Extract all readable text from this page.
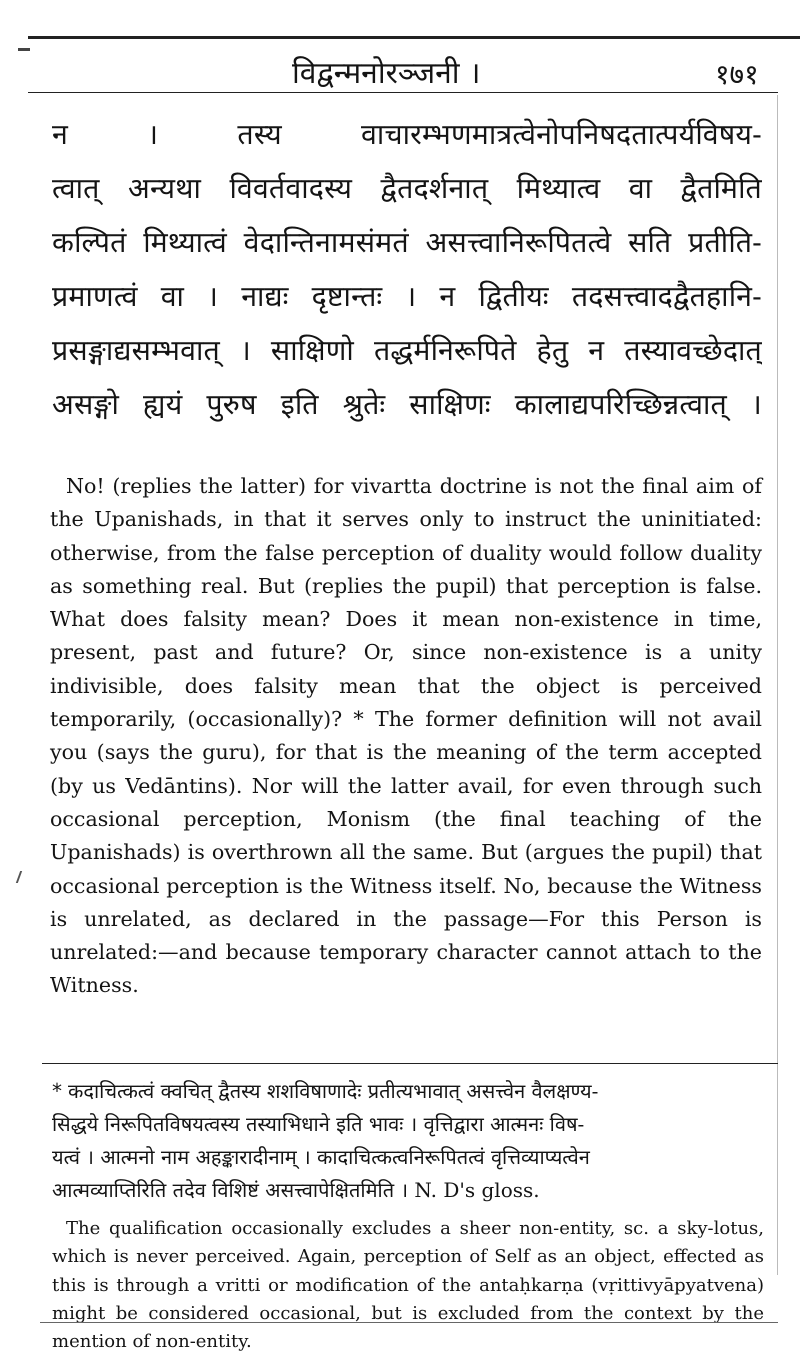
विद्वन्मनोरञ्जनी ।	१७१
न । तस्य वाचारम्भणमात्रत्वेनोपनिषदतात्पर्यविषय-
त्वात् अन्यथा विवर्तवादस्य द्वैतदर्शनात्‌ मिथ्यात्व वा द्वैतमिति
कल्पितं मिथ्यात्वं वेदान्तिनामसंमतं असत्त्वानिरूपितत्वे सति प्रतीति-
प्रमाणत्वं वा । नाद्यः दृष्टान्तः । न द्वितीयः तदसत्त्वादद्वैतहानि-
प्रसङ्गाद्यसम्भवात् । साक्षिणो तद्धर्मनिरूपिते हेतु न तस्यावच्छेदात्
असङ्गो ह्ययं पुरुष इति श्रुतेः साक्षिणः कालाद्यपरिच्छिन्नत्वात्‌ ।

No! (replies the latter) for vivartta doctrine is not the final aim of the Upanishads, in that it serves only to instruct the uninitiated: otherwise, from the false perception of duality would follow duality as something real. But (replies the pupil) that perception is false. What does falsity mean? Does it mean non-existence in time, present, past and future? Or, since non-existence is a unity indivisible, does falsity mean that the object is perceived temporarily, (occasionally)? * The former definition will not avail you (says the guru), for that is the meaning of the term accepted (by us Vedāntins). Nor will the latter avail, for even through such occasional perception, Monism (the final teaching of the Upanishads) is overthrown all the same. But (argues the pupil) that occasional perception is the Witness itself. No, because the Witness is unrelated, as declared in the passage—For this Person is unrelated:—and because temporary character cannot attach to the Witness.

* कदाचित्कत्वं क्वचित् द्वैतस्य शशविषाणादेः प्रतीत्यभावात् असत्त्वेन वैलक्षण्य-
सिद्धये निरूपितविषयत्वस्य तस्याभिधाने इति भावः । वृत्तिद्वारा आत्मनः विष-
यत्वं । आत्मनो नाम अहङ्कारादीनाम् । कादाचित्कत्वनिरूपितत्वं वृत्तिव्याप्यत्वेन
आत्मव्याप्तिरिति तदेव विशिष्टं असत्त्वापेक्षितमिति । N. D's gloss.

The qualification occasionally excludes a sheer non-entity, sc. a sky-lotus, which is never perceived. Again, perception of Self as an object, effected as this is through a vritti or modification of the antaḥkarṇa (vṛittivyāpyatvena) might be considered occasional, but is excluded from the context by the mention of non-entity.
